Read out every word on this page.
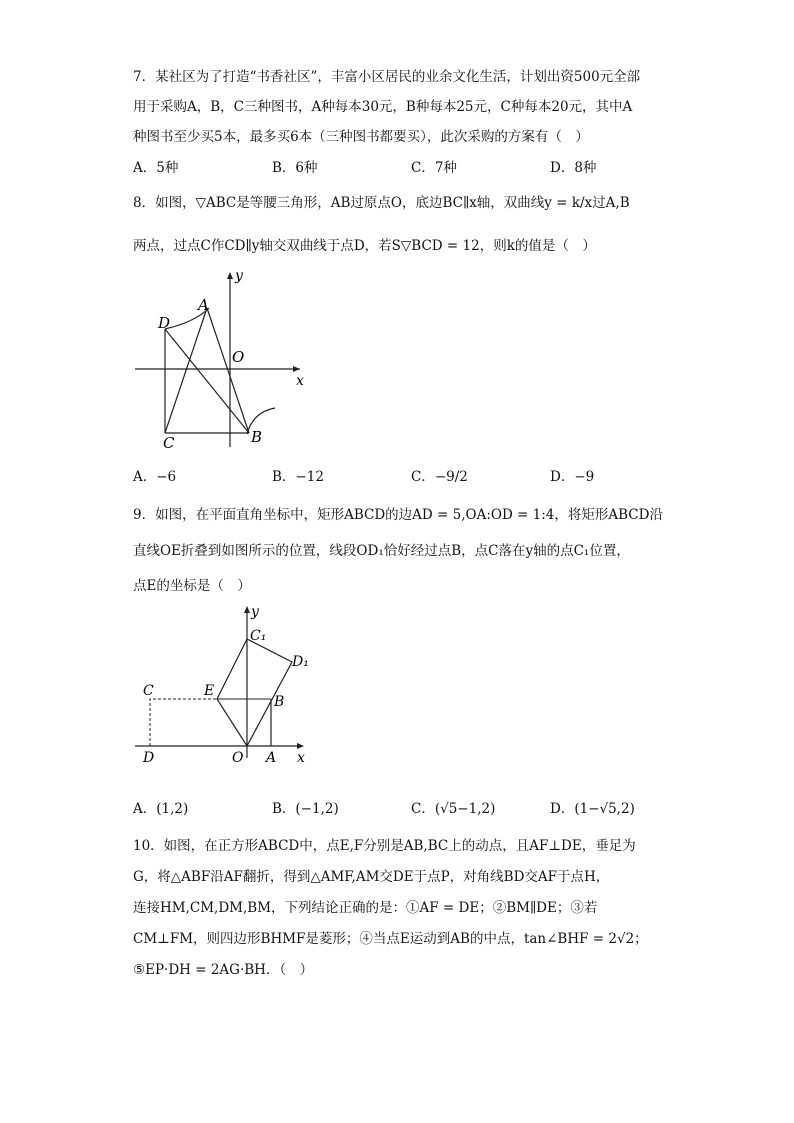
7．某社区为了打造“书香社区”，丰富小区居民的业余文化生活，计划出资500元全部
用于采购A，B，C三种图书，A种每本30元，B种每本25元，C种每本20元，其中A
种图书至少买5本，最多买6本（三种图书都要买），此次采购的方案有（　）
A．5种	B．6种	C．7种	D．8种
8．如图，▽ABC是等腰三角形，AB过原点O，底边BC∥x轴，双曲线y = k/x过A,B
两点，过点C作CD∥y轴交双曲线于点D，若S▽BCD = 12，则k的值是（　）
A
D
O
x
y
C	B
A．−6	B．−12	C．−9/2	D．−9
9．如图，在平面直角坐标中，矩形ABCD的边AD = 5,OA:OD = 1:4，将矩形ABCD沿
直线OE折叠到如图所示的位置，线段OD₁恰好经过点B，点C落在y轴的点C₁位置，
点E的坐标是（　）
y
C₁
D₁
C	E
B
D	O A x
A．(1,2)	B．(−1,2)	C．(√5−1,2)	D．(1−√5,2)
10．如图，在正方形ABCD中，点E,F分别是AB,BC上的动点，且AF⊥DE，垂足为
G，将△ABF沿AF翻折，得到△AMF,AM交DE于点P，对角线BD交AF于点H，
连接HM,CM,DM,BM，下列结论正确的是：①AF = DE；②BM∥DE；③若
CM⊥FM，则四边形BHMF是菱形；④当点E运动到AB的中点，tan∠BHF = 2√2；
⑤EP·DH = 2AG·BH．（　）
